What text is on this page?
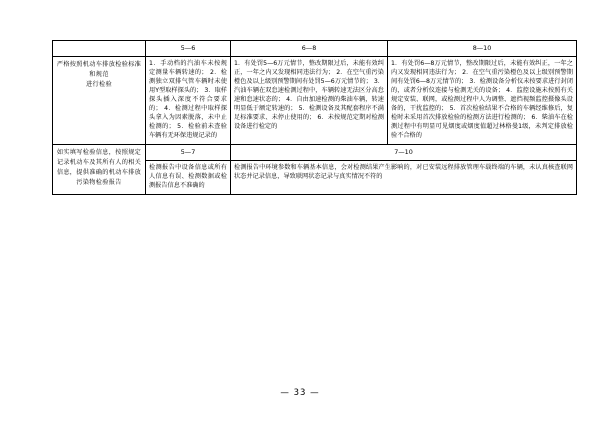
	5—6	6—8	8—10

严格按照机动车排放检验标准和规范
进行检验	1．手动档的汽油车未按规定测量车辆转速的； 2．检测独立双排气管车辆时未使用Y型取样探头的； 3．取样探头插入深度不符合要求的； 4．检测过程中取样探头拿入为因素脱落，未中止检测的； 5．检验前未查验车辆有无环保违规记录的	1．有处罚5—6万元情节，整改期限过后，未能有效纠正，一年之内又发现相同违法行为； 2．在空气重污染橙色及以上级别预警期间有处罚5—6万元情节的； 3．汽油车辆在双怠速检测过程中，车辆转速无法区分高怠速和怠速状态的； 4．自由加速检测的柴油车辆，转速明显低于额定转速的； 5．检测设备及其配套程序不满足标准要求、未停止使用的； 6．未按规范定期对检测设备进行检定的	1．有处罚6—8万元情节，整改期限过后，未能有效纠正，一年之内又发现相同违法行为； 2．在空气重污染橙色及以上级别预警期间有处罚6—8万元情节的； 3．检测设备分析仪未按要求进行封闭的，或者分析仪连接与检测无关的设备； 4．监控设施未按照有关规定安装、联网，或检测过程中人为调整、遮挡视频监控摄像头设备的，干扰监控的； 5．首次检验结果不合格的车辆经维修后，复检时未采用首次排放检验的检测方法进行检测的； 6．柴油车在检测过程中有明显可见烟度或烟度值超过林格曼1级，未判定排放检验不合格的

如实填写检验信息，按照规定记录机动车及其所有人的相关信息，提供准确的机动车排放污染物检验报告	5—7	7—10	

	检测报告中设备信息或所有人信息有误、检测数据或检测报告信息不准确的	检测报告中环境参数和车辆基本信息，会对检测结果产生影响的，对已安装远程排放管理车载终端的车辆，未认真核查联网状态并记录信息，导致联网状态记录与真实情况不符的	
— 33 —
